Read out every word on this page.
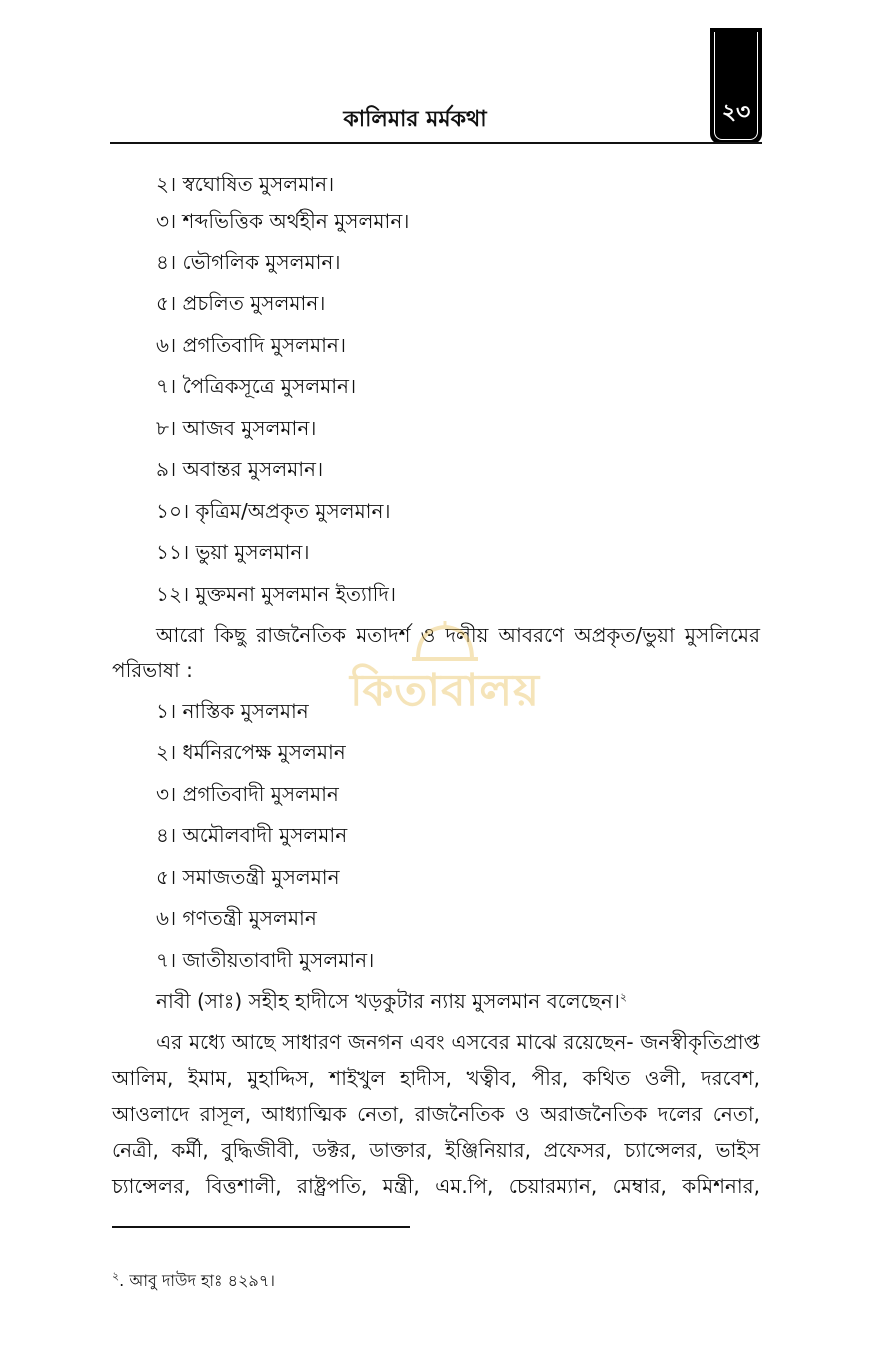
কালিমার মর্মকথা	২৩
২। স্বঘোষিত মুসলমান।
৩। শব্দভিত্তিক অর্থহীন মুসলমান।
৪। ভৌগলিক মুসলমান।
৫। প্রচলিত মুসলমান।
৬। প্রগতিবাদি মুসলমান।
৭। পৈত্রিকসূত্রে মুসলমান।
৮। আজব মুসলমান।
৯। অবান্তর মুসলমান।
১০। কৃত্রিম/অপ্রকৃত মুসলমান।
১১। ভুয়া মুসলমান।
১২। মুক্তমনা মুসলমান ইত্যাদি।
আরো কিছু রাজনৈতিক মতাদর্শ ও দলীয় আবরণে অপ্রকৃত/ভুয়া মুসলিমের
পরিভাষা :	কিতাবালয়
১। নাস্তিক মুসলমান
২। ধর্মনিরপেক্ষ মুসলমান
৩। প্রগতিবাদী মুসলমান
৪। অমৌলবাদী মুসলমান
৫। সমাজতন্ত্রী মুসলমান
৬। গণতন্ত্রী মুসলমান
৭। জাতীয়তাবাদী মুসলমান।
নাবী (সাঃ) সহীহ হাদীসে খড়কুটার ন্যায় মুসলমান বলেছেন।$^২$
এর মধ্যে আছে সাধারণ জনগন এবং এসবের মাঝে রয়েছেন- জনস্বীকৃতিপ্রাপ্ত
আলিম, ইমাম, মুহাদ্দিস, শাইখুল হাদীস, খত্বীব, পীর, কথিত ওলী, দরবেশ,
আওলাদে রাসূল, আধ্যাত্মিক নেতা, রাজনৈতিক ও অরাজনৈতিক দলের নেতা,
নেত্রী, কর্মী, বুদ্ধিজীবী, ডক্টর, ডাক্তার, ইঞ্জিনিয়ার, প্রফেসর, চ্যান্সেলর, ভাইস
চ্যান্সেলর, বিত্তশালী, রাষ্ট্রপতি, মন্ত্রী, এম.পি, চেয়ারম্যান, মেম্বার, কমিশনার,
$^২$. আবু দাউদ হাঃ ৪২৯৭।
